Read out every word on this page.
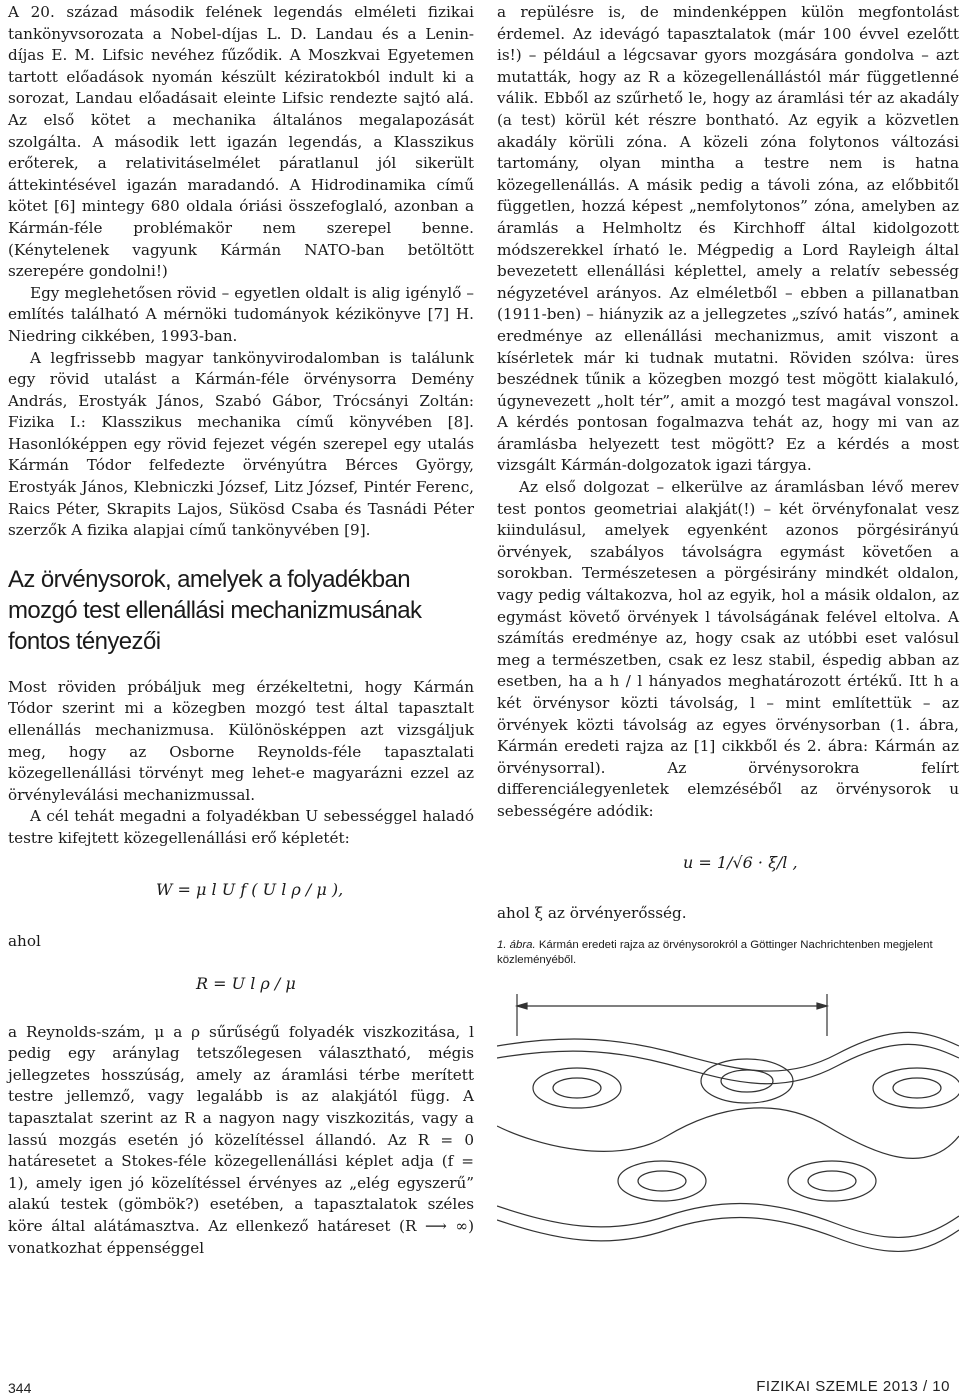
A 20. század második felének legendás elméleti fizikai tankönyvsorozata a Nobel-díjas L. D. Landau és a Lenin-díjas E. M. Lifsic nevéhez fűződik. A Moszkvai Egyetemen tartott előadások nyomán készült kéziratokból indult ki a sorozat, Landau előadásait eleinte Lifsic rendezte sajtó alá. Az első kötet a mechanika általános megalapozását szolgálta. A második lett igazán legendás, a Klasszikus erőterek, a relativitáselmélet páratlanul jól sikerült áttekintésével igazán maradandó. A Hidrodinamika című kötet [6] mintegy 680 oldala óriási összefoglaló, azonban a Kármán-féle problémakör nem szerepel benne. (Kénytelenek vagyunk Kármán NATO-ban betöltött szerepére gondolni!)

Egy meglehetősen rövid – egyetlen oldalt is alig igénylő – említés található A mérnöki tudományok kézikönyve [7] H. Niedring cikkében, 1993-ban.

A legfrissebb magyar tankönyvirodalomban is találunk egy rövid utalást a Kármán-féle örvénysorra Demény András, Erostyák János, Szabó Gábor, Trócsányi Zoltán: Fizika I.: Klasszikus mechanika című könyvében [8]. Hasonlóképpen egy rövid fejezet végén szerepel egy utalás Kármán Tódor felfedezte örvényútra Bérces György, Erostyák János, Klebniczki József, Litz József, Pintér Ferenc, Raics Péter, Skrapits Lajos, Sükösd Csaba és Tasnádi Péter szerzők A fizika alapjai című tankönyvében [9].

Az örvénysorok, amelyek a folyadékban mozgó test ellenállási mechanizmusának fontos tényezői

Most röviden próbáljuk meg érzékeltetni, hogy Kármán Tódor szerint mi a közegben mozgó test által tapasztalt ellenállás mechanizmusa. Különösképpen azt vizsgáljuk meg, hogy az Osborne Reynolds-féle tapasztalati közegellenállási törvényt meg lehet-e magyarázni ezzel az örvényleválási mechanizmussal.

A cél tehát megadni a folyadékban U sebességgel haladó testre kifejtett közegellenállási erő képletét:

W = μ l U f ( U l ρ / μ ),
ahol
R = U l ρ / μ

a Reynolds-szám, μ a ρ sűrűségű folyadék viszkozitása, l pedig egy aránylag tetszőlegesen választható, mégis jellegzetes hosszúság, amely az áramlási térbe merített testre jellemző, vagy legalább is az alakjától függ. A tapasztalat szerint az R a nagyon nagy viszkozitás, vagy a lassú mozgás esetén jó közelítéssel állandó. Az R = 0 határesetet a Stokes-féle közegellenállási képlet adja (f = 1), amely igen jó közelítéssel érvényes az „elég egyszerű” alakú testek (gömbök?) esetében, a tapasztalatok széles köre által alátámasztva. Az ellenkező határeset (R ⟶ ∞) vonatkozhat éppenséggel

a repülésre is, de mindenképpen külön megfontolást érdemel. Az idevágó tapasztalatok (már 100 évvel ezelőtt is!) – például a légcsavar gyors mozgására gondolva – azt mutatták, hogy az R a közegellenállástól már függetlenné válik. Ebből az szűrhető le, hogy az áramlási tér az akadály (a test) körül két részre bontható. Az egyik a közvetlen akadály körüli zóna. A közeli zóna folytonos változási tartomány, olyan mintha a testre nem is hatna közegellenállás. A másik pedig a távoli zóna, az előbbitől független, hozzá képest „nemfolytonos” zóna, amelyben az áramlás a Helmholtz és Kirchhoff által kidolgozott módszerekkel írható le. Mégpedig a Lord Rayleigh által bevezetett ellenállási képlettel, amely a relatív sebesség négyzetével arányos. Az elméletből – ebben a pillanatban (1911-ben) – hiányzik az a jellegzetes „szívó hatás”, aminek eredménye az ellenállási mechanizmus, amit viszont a kísérletek már ki tudnak mutatni. Röviden szólva: üres beszédnek tűnik a közegben mozgó test mögött kialakuló, úgynevezett „holt tér”, amit a mozgó test magával vonszol. A kérdés pontosan fogalmazva tehát az, hogy mi van az áramlásba helyezett test mögött? Ez a kérdés a most vizsgált Kármán-dolgozatok igazi tárgya.

Az első dolgozat – elkerülve az áramlásban lévő merev test pontos geometriai alakját(!) – két örvényfonalat vesz kiindulásul, amelyek egyenként azonos pörgésirányú örvények, szabályos távolságra egymást követően a sorokban. Természetesen a pörgésirány mindkét oldalon, vagy pedig váltakozva, hol az egyik, hol a másik oldalon, az egymást követő örvények l távolságának felével eltolva. A számítás eredménye az, hogy csak az utóbbi eset valósul meg a természetben, csak ez lesz stabil, éspedig abban az esetben, ha a h / l hányados meghatározott értékű. Itt h a két örvénysor közti távolság, l – mint említettük – az örvények közti távolság az egyes örvénysorban (1. ábra, Kármán eredeti rajza az [1] cikkből és 2. ábra: Kármán az örvénysorral). Az örvénysorokra felírt differenciálegyenletek elemzéséből az örvénysorok u sebességére adódik:

u = 1/√6 · ξ/l ,

ahol ξ az örvényerősség.

1. ábra. Kármán eredeti rajza az örvénysorokról a Göttinger Nachrichtenben megjelent közleményéből.
344	FIZIKAI SZEMLE 2013 / 10
